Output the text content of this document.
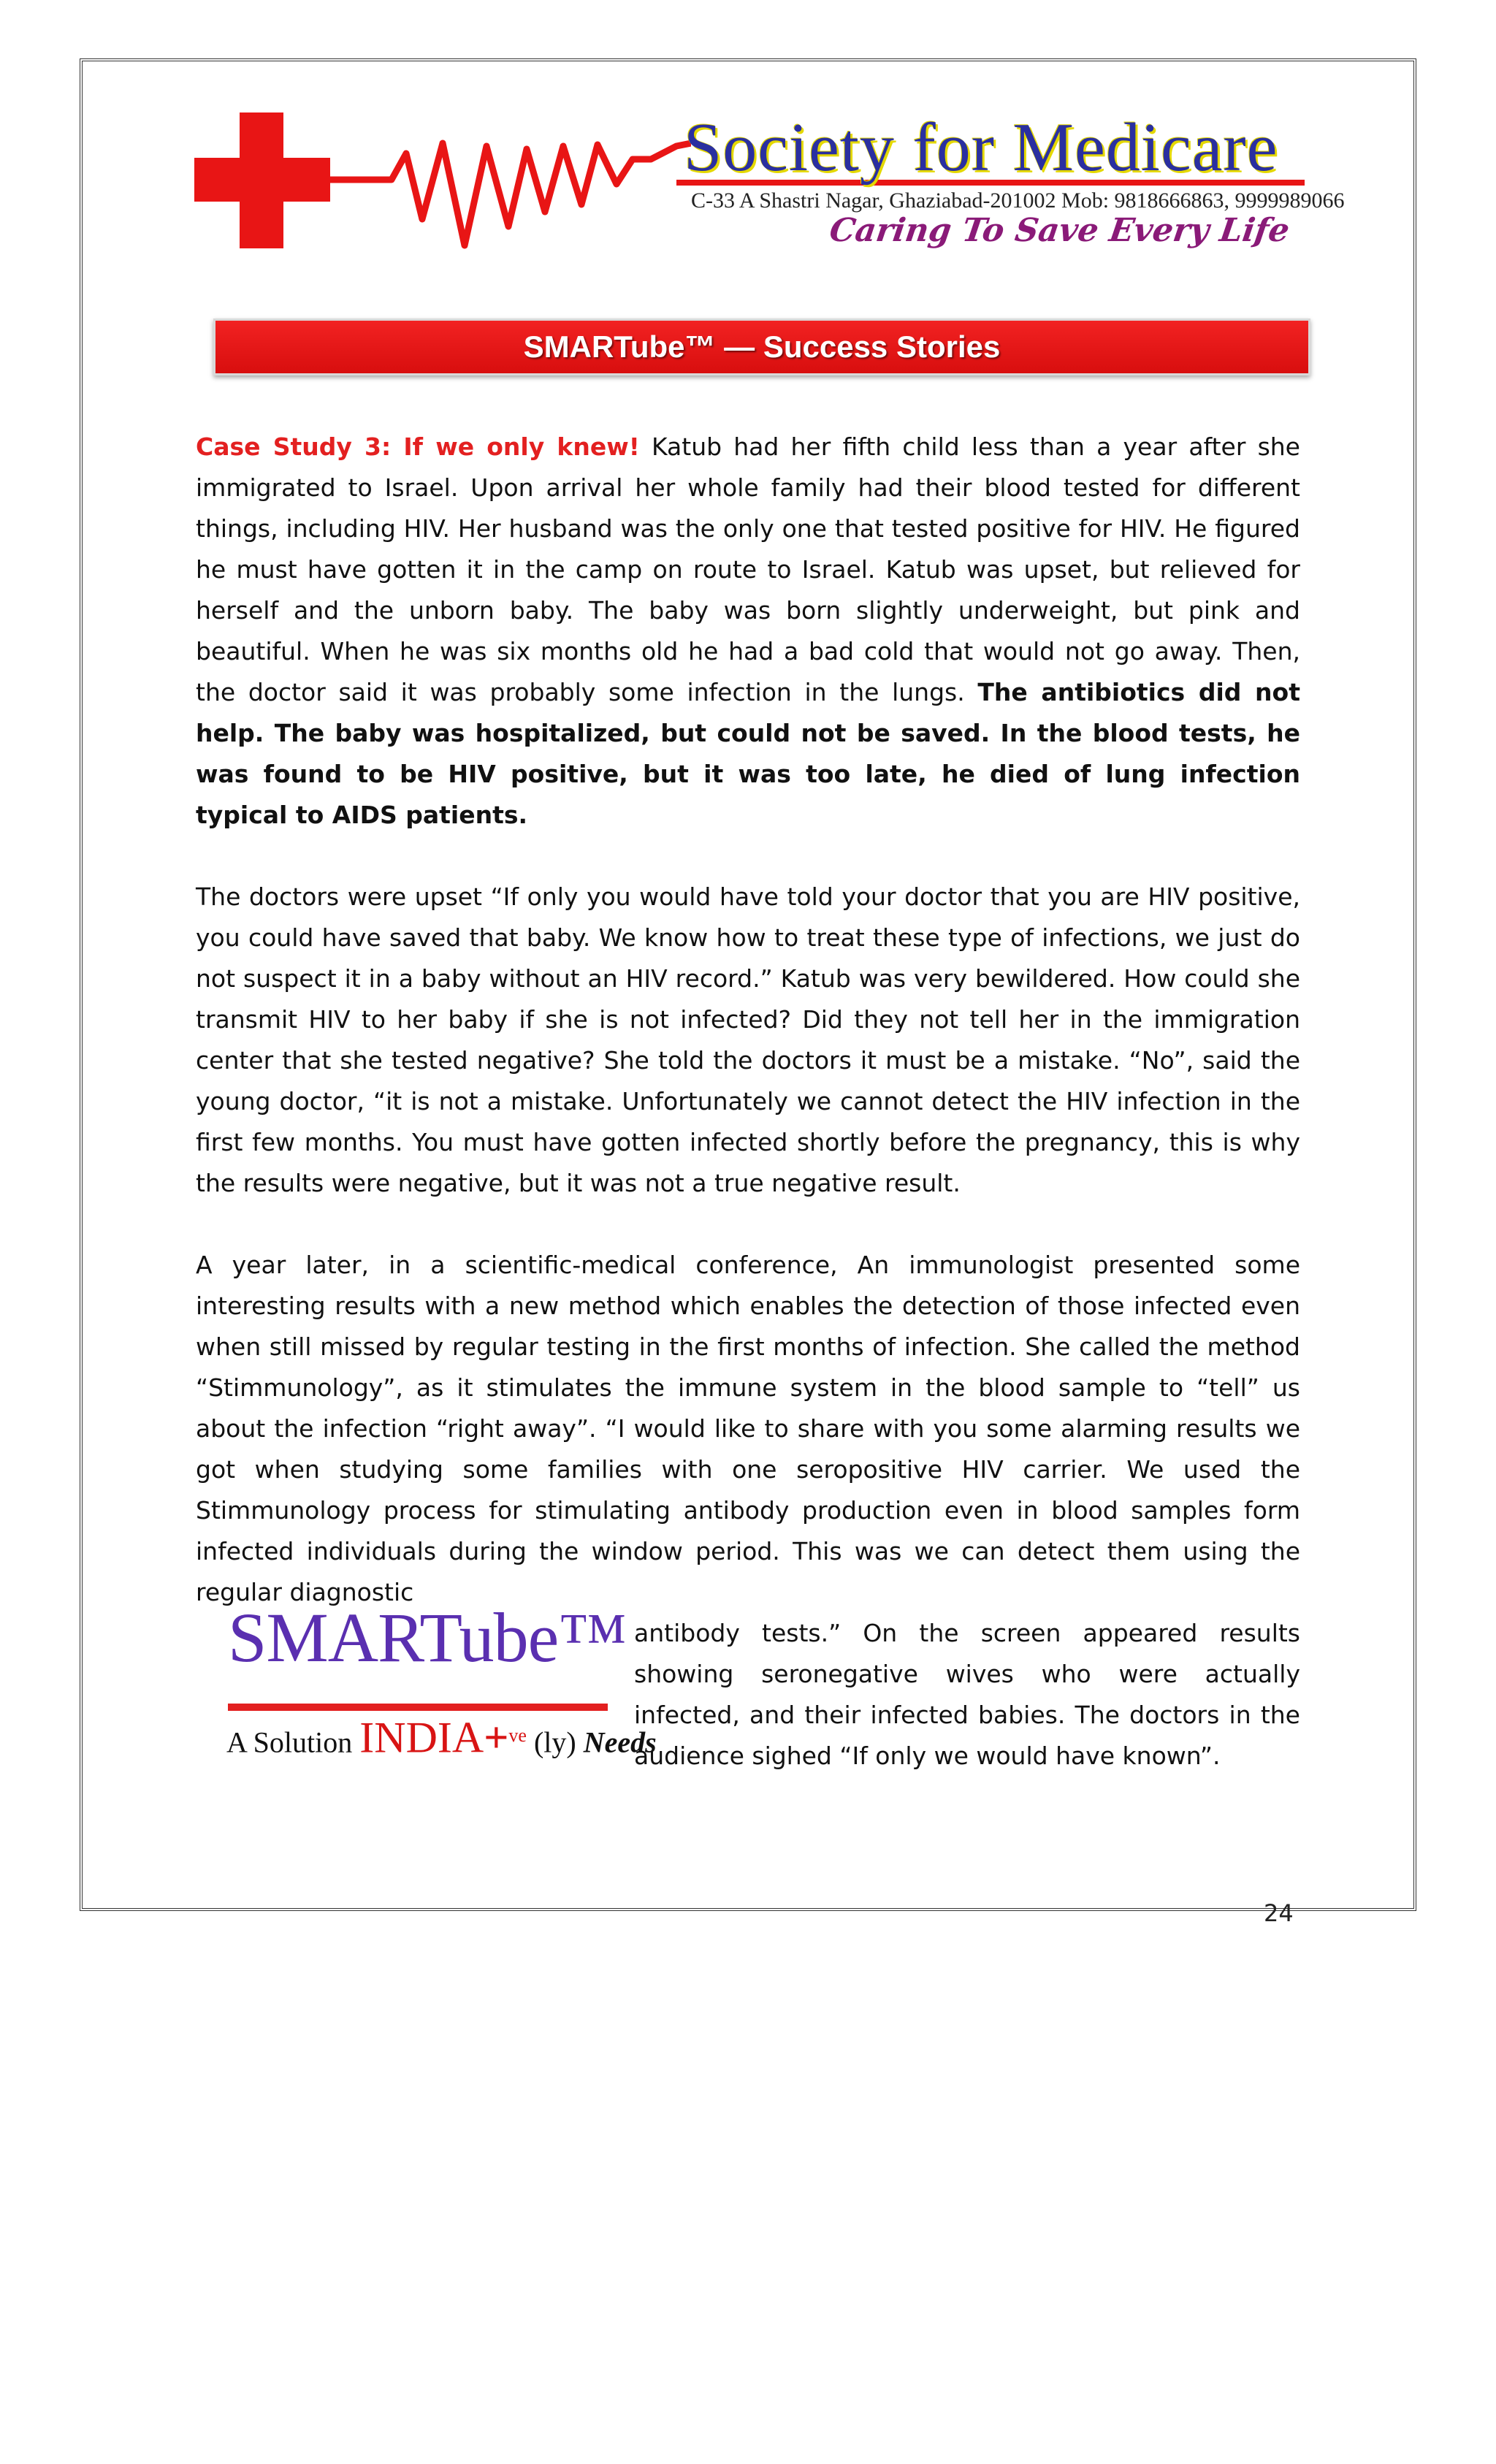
Society for Medicare
C-33 A Shastri Nagar, Ghaziabad-201002 Mob: 9818666863, 9999989066
Caring To Save Every Life
SMARTube™ — Success Stories

Case Study 3: If we only knew! Katub had her fifth child less than a year after she immigrated to Israel. Upon arrival her whole family had their blood tested for different things, including HIV. Her husband was the only one that tested positive for HIV. He figured he must have gotten it in the camp on route to Israel. Katub was upset, but relieved for herself and the unborn baby. The baby was born slightly underweight, but pink and beautiful. When he was six months old he had a bad cold that would not go away. Then, the doctor said it was probably some infection in the lungs. The antibiotics did not help. The baby was hospitalized, but could not be saved. In the blood tests, he was found to be HIV positive, but it was too late, he died of lung infection typical to AIDS patients.

The doctors were upset “If only you would have told your doctor that you are HIV positive, you could have saved that baby. We know how to treat these type of infections, we just do not suspect it in a baby without an HIV record.” Katub was very bewildered. How could she transmit HIV to her baby if she is not infected? Did they not tell her in the immigration center that she tested negative? She told the doctors it must be a mistake. “No”, said the young doctor, “it is not a mistake. Unfortunately we cannot detect the HIV infection in the first few months. You must have gotten infected shortly before the pregnancy, this is why the results were negative, but it was not a true negative result.

A year later, in a scientific-medical conference, An immunologist presented some interesting results with a new method which enables the detection of those infected even when still missed by regular testing in the first months of infection. She called the method “Stimmunology”, as it stimulates the immune system in the blood sample to “tell” us about the infection “right away”. “I would like to share with you some alarming results we got when studying some families with one seropositive HIV carrier. We used the Stimmunology process for stimulating antibody production even in blood samples form infected individuals during the window period. This was we can detect them using the regular diagnostic

SMARTube™
A Solution INDIA+$^{ve}$ (ly) Needs

antibody tests.” On the screen appeared results showing seronegative wives who were actually infected, and their infected babies. The doctors in the audience sighed “If only we would have known”.

24
